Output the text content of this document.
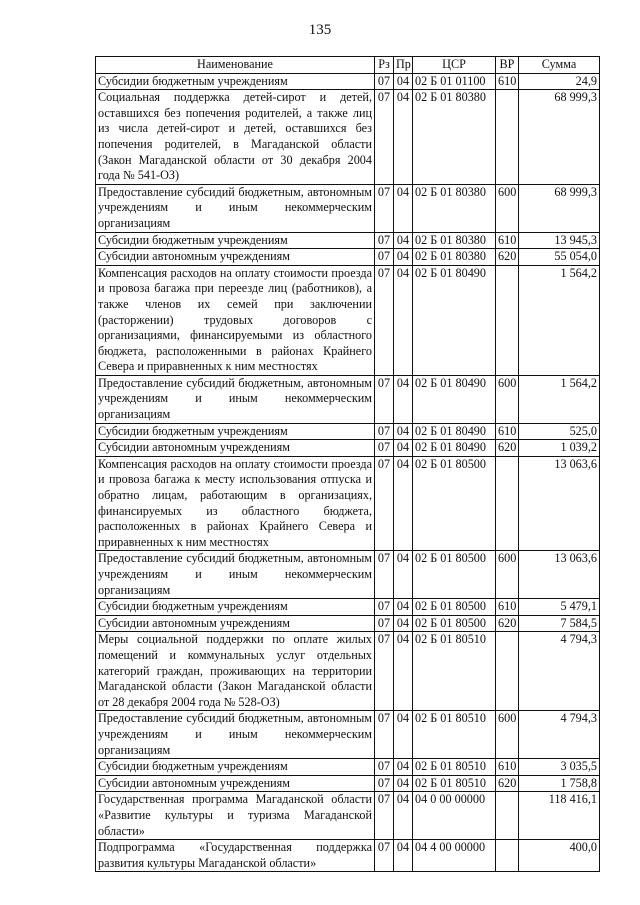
135
Наименование	Рз	Пр	ЦСР	ВР	Сумма
Субсидии бюджетным учреждениям	07	04	02 Б 01 01100	610	24,9
Социальная поддержка детей-сирот и детей, оставшихся без попечения родителей, а также лиц из числа детей-сирот и детей, оставшихся без попечения родителей, в Магаданской области (Закон Магаданской области от 30 декабря 2004 года № 541-ОЗ)	07	04	02 Б 01 80380		68 999,3
Предоставление субсидий бюджетным, автономным учреждениям и иным некоммерческим организациям	07	04	02 Б 01 80380	600	68 999,3
Субсидии бюджетным учреждениям	07	04	02 Б 01 80380	610	13 945,3
Субсидии автономным учреждениям	07	04	02 Б 01 80380	620	55 054,0
Компенсация расходов на оплату стоимости проезда и провоза багажа при переезде лиц (работников), а также членов их семей при заключении (расторжении) трудовых договоров с организациями, финансируемыми из областного бюджета, расположенными в районах Крайнего Севера и приравненных к ним местностях	07	04	02 Б 01 80490		1 564,2
Предоставление субсидий бюджетным, автономным учреждениям и иным некоммерческим организациям	07	04	02 Б 01 80490	600	1 564,2
Субсидии бюджетным учреждениям	07	04	02 Б 01 80490	610	525,0
Субсидии автономным учреждениям	07	04	02 Б 01 80490	620	1 039,2
Компенсация расходов на оплату стоимости проезда и провоза багажа к месту использования отпуска и обратно лицам, работающим в организациях, финансируемых из областного бюджета, расположенных в районах Крайнего Севера и приравненных к ним местностях	07	04	02 Б 01 80500		13 063,6
Предоставление субсидий бюджетным, автономным учреждениям и иным некоммерческим организациям	07	04	02 Б 01 80500	600	13 063,6
Субсидии бюджетным учреждениям	07	04	02 Б 01 80500	610	5 479,1
Субсидии автономным учреждениям	07	04	02 Б 01 80500	620	7 584,5
Меры социальной поддержки по оплате жилых помещений и коммунальных услуг отдельных категорий граждан, проживающих на территории Магаданской области (Закон Магаданской области от 28 декабря 2004 года № 528-ОЗ)	07	04	02 Б 01 80510		4 794,3
Предоставление субсидий бюджетным, автономным учреждениям и иным некоммерческим организациям	07	04	02 Б 01 80510	600	4 794,3
Субсидии бюджетным учреждениям	07	04	02 Б 01 80510	610	3 035,5
Субсидии автономным учреждениям	07	04	02 Б 01 80510	620	1 758,8
Государственная программа Магаданской области «Развитие культуры и туризма Магаданской области»	07	04	04 0 00 00000		118 416,1
Подпрограмма «Государственная поддержка развития культуры Магаданской области»	07	04	04 4 00 00000		400,0
